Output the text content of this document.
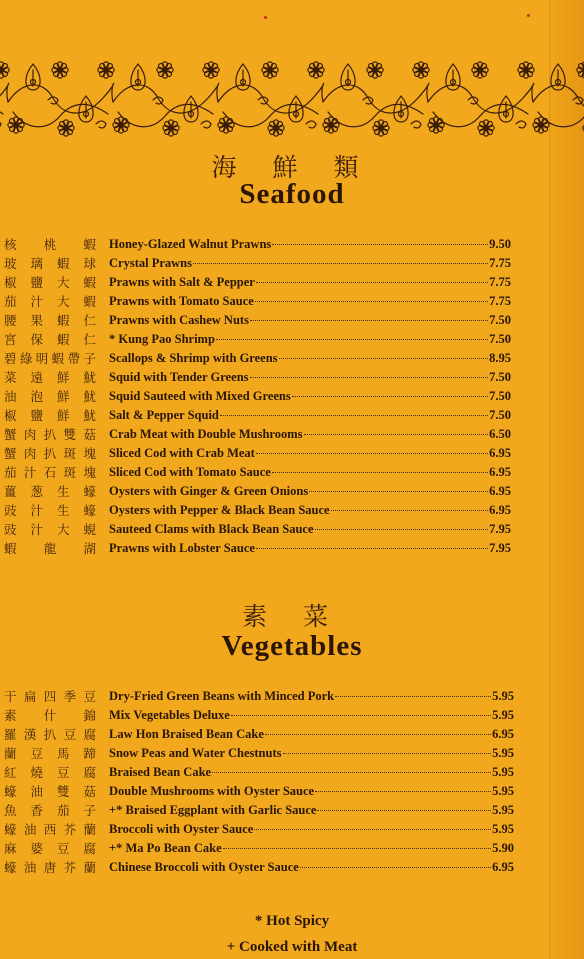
海 鮮 類
Seafood
核 桃 蝦 Honey-Glazed Walnut Prawns	9.50
玻 璃 蝦 球 Crystal Prawns	7.75
椒 鹽 大 蝦 Prawns with Salt & Pepper	7.75
茄 汁 大 蝦 Prawns with Tomato Sauce	7.75
腰 果 蝦 仁 Prawns with Cashew Nuts	7.50
宮 保 蝦 仁 * Kung Pao Shrimp	7.50
碧 綠 明 蝦 帶 子 Scallops & Shrimp with Greens	8.95
菜 遠 鮮 魷 Squid with Tender Greens	7.50
油 泡 鮮 魷 Squid Sauteed with Mixed Greens	7.50
椒 鹽 鮮 魷 Salt & Pepper Squid	7.50
蟹 肉 扒 雙 菇 Crab Meat with Double Mushrooms	6.50
蟹 肉 扒 斑 塊 Sliced Cod with Crab Meat	6.95
茄 汁 石 斑 塊 Sliced Cod with Tomato Sauce	6.95
薑 葱 生 蠔 Oysters with Ginger & Green Onions	6.95
豉 汁 生 蠔 Oysters with Pepper & Black Bean Sauce	6.95
豉 汁 大 蜆 Sauteed Clams with Black Bean Sauce	7.95
蝦 龍 湖 Prawns with Lobster Sauce	7.95
素 菜
Vegetables
干 扁 四 季 豆 Dry-Fried Green Beans with Minced Pork	5.95
素 什 錦 Mix Vegetables Deluxe	5.95
羅 漢 扒 豆 腐 Law Hon Braised Bean Cake	6.95
蘭 豆 馬 蹄 Snow Peas and Water Chestnuts	5.95
紅 燒 豆 腐 Braised Bean Cake	5.95
蠔 油 雙 菇 Double Mushrooms with Oyster Sauce	5.95
魚 香 茄 子 +* Braised Eggplant with Garlic Sauce	5.95
蠔 油 西 芥 蘭 Broccoli with Oyster Sauce	5.95
麻 婆 豆 腐 +* Ma Po Bean Cake	5.90
蠔 油 唐 芥 蘭 Chinese Broccoli with Oyster Sauce	6.95
* Hot Spicy
+ Cooked with Meat
